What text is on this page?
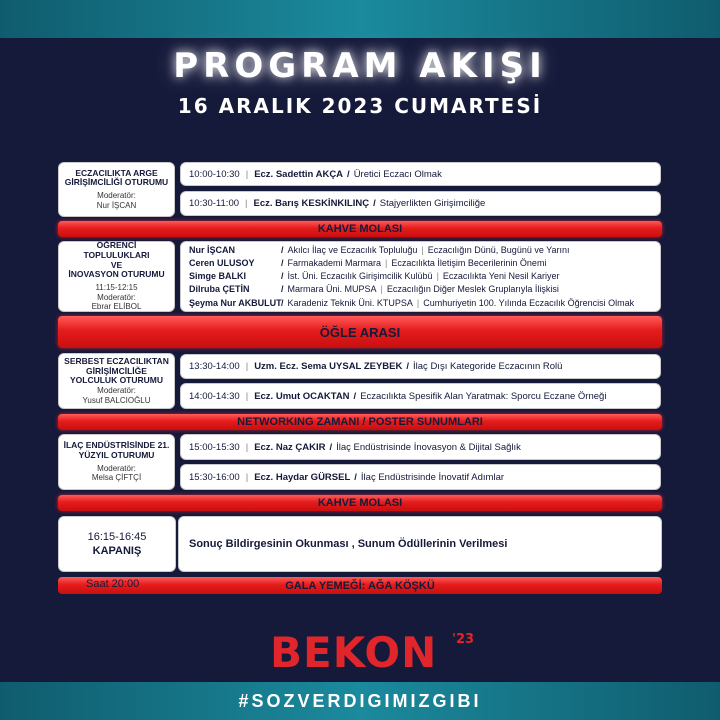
PROGRAM AKIŞI
16 ARALIK 2023 CUMARTESİ
ECZACILIKTA ARGE GİRİŞİMCİLİĞİ OTURUMU
Moderatör:
Nur İŞCAN
10:00-10:30 | Ecz. Sadettin AKÇA / Üretici Eczacı Olmak
10:30-11:00 | Ecz. Barış KESKİNKILINÇ / Stajyerlikten Girişimciliğe
KAHVE MOLASI
ÖĞRENCİ TOPLULUKLARI
VE
İNOVASYON OTURUMU
11:15-12:15
Moderatör:
Ebrar ELİBOL
Nur İŞCAN	/ Akılcı İlaç ve Eczacılık Topluluğu | Eczacılığın Dünü, Bugünü ve Yarını
Ceren ULUSOY	/ Farmakademi Marmara | Eczacılıkta İletişim Becerilerinin Önemi
Simge BALKI	/ İst. Üni. Eczacılık Girişimcilik Kulübü | Eczacılıkta Yeni Nesil Kariyer
Dilruba ÇETİN	/ Marmara Üni. MUPSA | Eczacılığın Diğer Meslek Gruplarıyla İlişkisi
Şeyma Nur AKBULUT / Karadeniz Teknik Üni. KTUPSA | Cumhuriyetin 100. Yılında Eczacılık Öğrencisi Olmak
ÖĞLE ARASI
SERBEST ECZACILIKTAN GİRİŞİMCİLİĞE YOLCULUK OTURUMU
Moderatör:
Yusuf BALCIOĞLU
13:30-14:00 | Uzm. Ecz. Sema UYSAL ZEYBEK / İlaç Dışı Kategoride Eczacının Rolü
14:00-14:30 | Ecz. Umut OCAKTAN / Eczacılıkta Spesifik Alan Yaratmak: Sporcu Eczane Örneği
NETWORKING ZAMANI / POSTER SUNUMLARI
İLAÇ ENDÜSTRİSİNDE 21. YÜZYIL OTURUMU
Moderatör:
Melsa ÇİFTÇİ
15:00-15:30 | Ecz. Naz ÇAKIR / İlaç Endüstrisinde İnovasyon & Dijital Sağlık
15:30-16:00 | Ecz. Haydar GÜRSEL / İlaç Endüstrisinde İnovatif Adımlar
KAHVE MOLASI
16:15-16:45
KAPANIŞ
Sonuç Bildirgesinin Okunması , Sunum Ödüllerinin Verilmesi
Saat 20:00	GALA YEMEĞİ: AĞA KÖŞKÜ
BEKON '23
#SOZVERDIGIMIZGIBI
